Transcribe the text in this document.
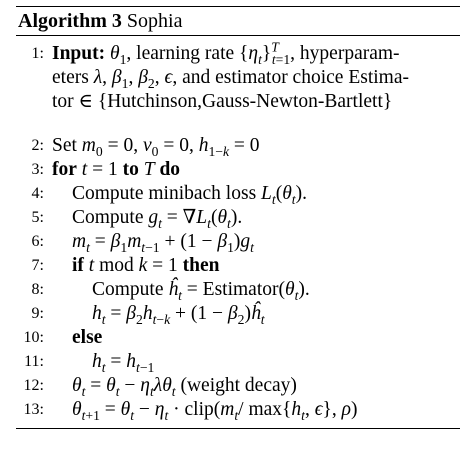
Algorithm 3 Sophia
1: Input: $\theta_1$, learning rate $\{\eta_t\}^T_{t=1}$, hyperparam-
eters λ, $\beta_1$, $\beta_2$, ϵ, and estimator choice Estima-
tor ∈ {Hutchinson,Gauss-Newton-Bartlett}
2: Set $m_0 = 0$, $v_0 = 0$, $h_{1-k} = 0$
3: for t = 1 to T do
4: Compute minibach loss $L_t(\theta_t)$.
5: Compute $g_t = \nabla L_t(\theta_t)$.
6: $m_t = \beta_1m_{t-1} + (1 - \beta_1)g_t$
7: if t mod k = 1 then
8: Compute $ĥ_t$ = $Estimator(\theta_t)$.
9: $h_t = \beta_2h_{t-k} + (1$ − $\beta_2)ĥ_t$
10: else
11: $h_t = h_{t-1}$
12: $\theta_t = \theta_t - \eta_t\lambda\theta_t$ (weight decay)
13: $\theta_{t+1} = \theta_t - \eta_t$ · $clip(m_t/$ $\max\{h_t$, ϵ}, ρ)
